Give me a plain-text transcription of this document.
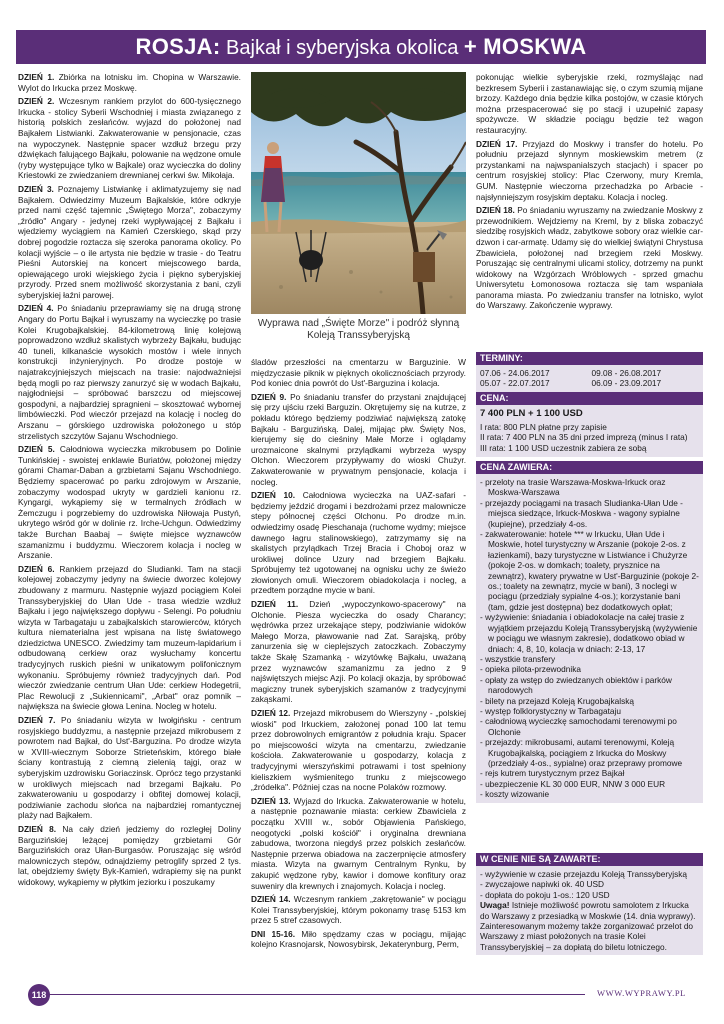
ROSJA: Bajkał i syberyjska okolica + MOSKWA

DZIEŃ 1. Zbiórka na lotnisku im. Chopina w Warszawie. Wylot do Irkucka przez Moskwę.

DZIEŃ 2. Wczesnym rankiem przylot do 600-tysięcznego Irkucka - stolicy Syberii Wschodniej i miasta związanego z historią polskich zesłańców. wyjazd do położonej nad Bajkałem Listwianki. Zakwaterowanie w pensjonacie, czas na wypoczynek. Następnie spacer wzdłuż brzegu przy dźwiękach falującego Bajkału, polowanie na wędzone omule (ryby występujące tylko w Bajkale) oraz wycieczka do doliny Kriestowki ze zwiedzaniem drewnianej cerkwi św. Mikołaja.

DZIEŃ 3. Poznajemy Listwiankę i aklimatyzujemy się nad Bajkałem. Odwiedzimy Muzeum Bajkalskie, które odkryje przed nami część tajemnic „Świętego Morza", zobaczymy „źródło" Angary - jedynej rzeki wypływającej z Bajkału i wjedziemy wyciągiem na Kamień Czerskiego, skąd przy dobrej pogodzie roztacza się szeroka panorama okolicy. Po kolacji wyjście – o ile artysta nie będzie w trasie - do Teatru Pieśni Autorskiej na koncert miejscowego barda, opiewającego uroki wiejskiego życia i piękno syberyjskiej przyrody. Przed snem możliwość skorzystania z bani, czyli syberyjskiej łaźni parowej.

DZIEŃ 4. Po śniadaniu przeprawiamy się na drugą stronę Angary do Portu Bajkał i wyruszamy na wycieczkę po trasie Kolei Krugobajkalskiej. 84-kilometrową linię kolejową poprowadzono wzdłuż skalistych wybrzeży Bajkału, budując 40 tuneli, kilkanaście wysokich mostów i wiele innych konstrukcji inżynieryjnych. Po drodze postoje w najatrakcyjniejszych miejscach na trasie: najodważniejsi będą mogli po raz pierwszy zanurzyć się w wodach Bajkału, najgłodniejsi – spróbować barszczu od miejscowej gospodyni, a najbardziej spragnieni – skosztować wybornej limbówieczki. Pod wieczór przejazd na kolację i nocleg do Arszanu – górskiego uzdrowiska położonego u stóp strzelistych szczytów Sajanu Wschodniego.

DZIEŃ 5. Całodniowa wycieczka mikrobusem po Dolinie Tunkińskiej - swoistej enklawie Buriatów, położonej między górami Chamar-Daban a grzbietami Sajanu Wschodniego. Będziemy spacerować po parku zdrojowym w Arszanie, zobaczymy wodospad ukryty w gardzieli kanionu rz. Kyngargi, wykąpiemy się w termalnych źródłach w Żemczugu i pogrzebiemy do uzdrowiska Niłowaja Pustyń, ukrytego wśród gór w dolinie rz. Irche-Uchgun. Odwiedzimy także Burchan Baabaj – święte miejsce wyznawców szamanizmu i buddyzmu. Wieczorem kolacja i nocleg w Arszanie.

DZIEŃ 6. Rankiem przejazd do Sludianki. Tam na stacji kolejowej zobaczymy jedyny na świecie dworzec kolejowy zbudowany z marmuru. Następnie wyjazd pociągiem Kolei Transsyberyjskiej do Ułan Ude - trasa wiedzie wzdłuż Bajkału i jego największego dopływu - Selengi. Po południu wizyta w Tarbagataju u zabajkalskich starowierców, których kultura niematerialna jest wpisana na listę światowego dziedzictwa UNESCO. Zwiedzimy tam muzeum-lapidarium i odbudowaną cerkiew oraz wysłuchamy koncertu tradycyjnych ruskich pieśni w unikatowym polifonicznym wykonaniu. Spróbujemy również tradycyjnych dań. Pod wieczór zwiedzanie centrum Ułan Ude: cerkiew Hodegetrii, Plac Rewolucji z „Sukiennicami", „Arbat" oraz pomnik – największa na świecie głowa Lenina. Nocleg w hotelu.

DZIEŃ 7. Po śniadaniu wizyta w Iwołgińsku - centrum rosyjskiego buddyzmu, a następnie przejazd mikrobusem z powrotem nad Bajkał, do Ust'-Barguzina. Po drodze wizyta w XVIII-wiecznym Soborze Strieteńskim, którego białe ściany kontrastują z ciemną zielenią tajgi, oraz w syberyjskim uzdrowisku Goriaczinsk. Oprócz tego przystanki w urokliwych miejscach nad brzegami Bajkału. Po zakwaterowaniu u gospodarzy i obfitej domowej kolacji, podziwianie zachodu słońca na najbardziej romantycznej plaży nad Bajkałem.

DZIEŃ 8. Na cały dzień jedziemy do rozległej Doliny Barguzińskiej leżącej pomiędzy grzbietami Gór Barguzińskich oraz Ułan-Burgasów. Poruszając się wśród malowniczych stepów, odnajdziemy petroglify sprzed 2 tys. lat, obejdziemy święty Byk-Kamień, wdrapiemy się na punkt widokowy, wykąpiemy w płytkim jeziorku i poszukamy

Wyprawa nad „Święte Morze" i podróż słynną Koleją Transsyberyjską

śladów przeszłości na cmentarzu w Barguzinie. W międzyczasie piknik w pięknych okolicznościach przyrody. Pod koniec dnia powrót do Ust'-Barguzina i kolacja.

DZIEŃ 9. Po śniadaniu transfer do przystani znajdującej się przy ujściu rzeki Barguzin. Okrętujemy się na kutrze, z pokładu którego będziemy podziwiać największą zatokę Bajkału - Barguzińską. Dalej, mijając płw. Święty Nos, kierujemy się do cieśniny Małe Morze i oglądamy urozmaicone skalnymi przylądkami wybrzeża wyspy Olchon. Wieczorem przypływamy do wioski Chużyr. Zakwaterowanie w prywatnym pensjonacie, kolacja i nocleg.

DZIEŃ 10. Całodniowa wycieczka na UAZ-safari - będziemy jeździć drogami i bezdrożami przez malownicze stepy północnej części Olchonu. Po drodze m.in. odwiedzimy osadę Pieschanaja (ruchome wydmy; miejsce dawnego łagru stalinowskiego), zatrzymamy się na skalistych przylądkach Trzej Bracia i Choboj oraz w urokliwej dolince Uzury nad brzegiem Bajkału. Spróbujemy też ugotowanej na ognisku uchy ze świeżo złowionych omuli. Wieczorem obiadokolacja i nocleg, a przedtem porządne mycie w bani.

DZIEŃ 11. Dzień „wypoczynkowo-spacerowy" na Olchonie. Piesza wycieczka do osady Charancy; wędrówka przez urzekające stepy, podziwianie widoków Małego Morza, pławowanie nad Zat. Sarajską, próby zanurzenia się w cieplejszych zatoczkach. Zobaczymy także Skałę Szamanką - wizytówkę Bajkału, uważaną przez wyznawców szamanizmu za jedno z 9 najświętszych miejsc Azji. Po kolacji okazja, by spróbować magiczny trunek syberyjskich szamanów z tradycyjnymi zakąskami.

DZIEŃ 12. Przejazd mikrobusem do Wierszyny - „polskiej wioski" pod Irkuckiem, założonej ponad 100 lat temu przez dobrowolnych emigrantów z południa kraju. Spacer po miejscowości wizyta na cmentarzu, zwiedzanie kościoła. Zakwaterowanie u gospodarzy, kolacja z tradycyjnymi wierszyńskimi potrawami i tost spełniony kieliszkiem wyśmienitego trunku z miejscowego „źródełka". Później czas na nocne Polaków rozmowy.

DZIEŃ 13. Wyjazd do Irkucka. Zakwaterowanie w hotelu, a następnie poznawanie miasta: cerkiew Zbawiciela z początku XVIII w., sobór Objawienia Pańskiego, neogotycki „polski kościół" i oryginalna drewniana zabudowa, tworzona niegdyś przez polskich zesłańców. Następnie przerwa obiadowa na zaczerpnięcie atmosfery miasta. Wizyta na gwarnym Centralnym Rynku, by zakupić wędzone ryby, kawior i domowe konfitury oraz suweniry dla krewnych i znajomych. Kolacja i nocleg.

DZIEŃ 14. Wczesnym rankiem „zakrętowanie" w pociągu Kolei Transsyberyjskiej, którym pokonamy trasę 5153 km przez 5 stref czasowych.

DNI 15-16. Miło spędzamy czas w pociągu, mijając kolejno Krasnojarsk, Nowosybirsk, Jekaterynburg, Perm,

pokonując wielkie syberyjskie rzeki, rozmyślając nad bezkresem Syberii i zastanawiając się, o czym szumią mijane brzozy. Każdego dnia będzie kilka postojów, w czasie których można przespacerować się po stacji i uzupełnić zapasy spożywcze. W składzie pociągu będzie też wagon restauracyjny.

DZIEŃ 17. Przyjazd do Moskwy i transfer do hotelu. Po południu przejazd słynnym moskiewskim metrem (z przystankami na najwspanialszych stacjach) i spacer po centrum rosyjskiej stolicy: Plac Czerwony, mury Kremla, GUM. Następnie wieczorna przechadzka po Arbacie - najsłynniejszym rosyjskim deptaku. Kolacja i nocleg.

DZIEŃ 18. Po śniadaniu wyruszamy na zwiedzanie Moskwy z przewodnikiem. Wejdziemy na Kreml, by z bliska zobaczyć siedzibę rosyjskich władz, zabytkowe sobory oraz wielkie car-dzwon i car-armatę. Udamy się do wielkiej świątyni Chrystusa Zbawiciela, położonej nad brzegiem rzeki Moskwy. Poruszając się centralnymi ulicami stolicy, dotrzemy na punkt widokowy na Wzgórzach Wróblowych - sprzed gmachu Uniwersytetu Łomonosowa roztacza się tam wspaniała panorama miasta. Po zwiedzaniu transfer na lotnisko, wylot do Warszawy. Zakończenie wyprawy.

TERMINY:
07.06 - 24.06.2017	09.08 - 26.08.2017
05.07 - 22.07.2017	06.09 - 23.09.2017
CENA:
7 400 PLN + 1 100 USD
I rata: 800 PLN płatne przy zapisie
II rata: 7 400 PLN na 35 dni przed imprezą (minus I rata)
III rata: 1 100 USD uczestnik zabiera ze sobą
CENA ZAWIERA:
- przeloty na trasie Warszawa-Moskwa-Irkuck oraz Moskwa-Warszawa
- przejazdy pociągami na trasach Sludianka-Ułan Ude - miejsca siedzące, Irkuck-Moskwa - wagony sypialne (kupiejne), przedziały 4-os.
- zakwaterowanie: hotele *** w Irkucku, Ułan Ude i Moskwie, hotel turystyczny w Arszanie (pokoje 2-os. z łazienkami), bazy turystyczne w Listwiance i Chużyrze (pokoje 2-os. w domkach; toalety, prysznice na zewnątrz), kwatery prywatne w Ust'-Barguzinie (pokoje 2-os.; toalety na zewnątrz, mycie w bani), 3 noclegi w pociągu (przedziały sypialne 4-os.); korzystanie bani (tam, gdzie jest dostępna) bez dodatkowych opłat;
- wyżywienie: śniadania i obiadokolacje na całej trasie z wyjątkiem przejazdu Koleją Transsyberyjską (wyżywienie w pociągu we własnym zakresie), dodatkowo obiad w dniach: 4, 8, 10, kolacja w dniach: 2-13, 17
- wszystkie transfery
- opieka pilota-przewodnika
- opłaty za wstęp do zwiedzanych obiektów i parków narodowych
- bilety na przejazd Koleją Krugobajkalską
- występ folklorystyczny w Tarbagataju
- całodniową wycieczkę samochodami terenowymi po Olchonie
- przejazdy: mikrobusami, autami terenowymi, Koleją Krugobajkalską, pociągiem z Irkucka do Moskwy (przedziały 4-os., sypialne) oraz przeprawy promowe
- rejs kutrem turystycznym przez Bajkał
- ubezpieczenie KL 30 000 EUR, NNW 3 000 EUR
- koszty wizowanie
W CENIE NIE SĄ ZAWARTE:
- wyżywienie w czasie przejazdu Koleją Transsyberyjską
- zwyczajowe napiwki ok. 40 USD
- dopłata do pokoju 1-os.: 120 USD

Uwaga! Istnieje możliwość powrotu samolotem z Irkucka do Warszawy z przesiadką w Moskwie (14. dnia wyprawy). Zainteresowanym możemy także zorganizować przelot do Warszawy z miast położonych na trasie Kolei Transsyberyjskiej – za dopłatą do biletu lotniczego.

118	WWW.WYPRAWY.PL
